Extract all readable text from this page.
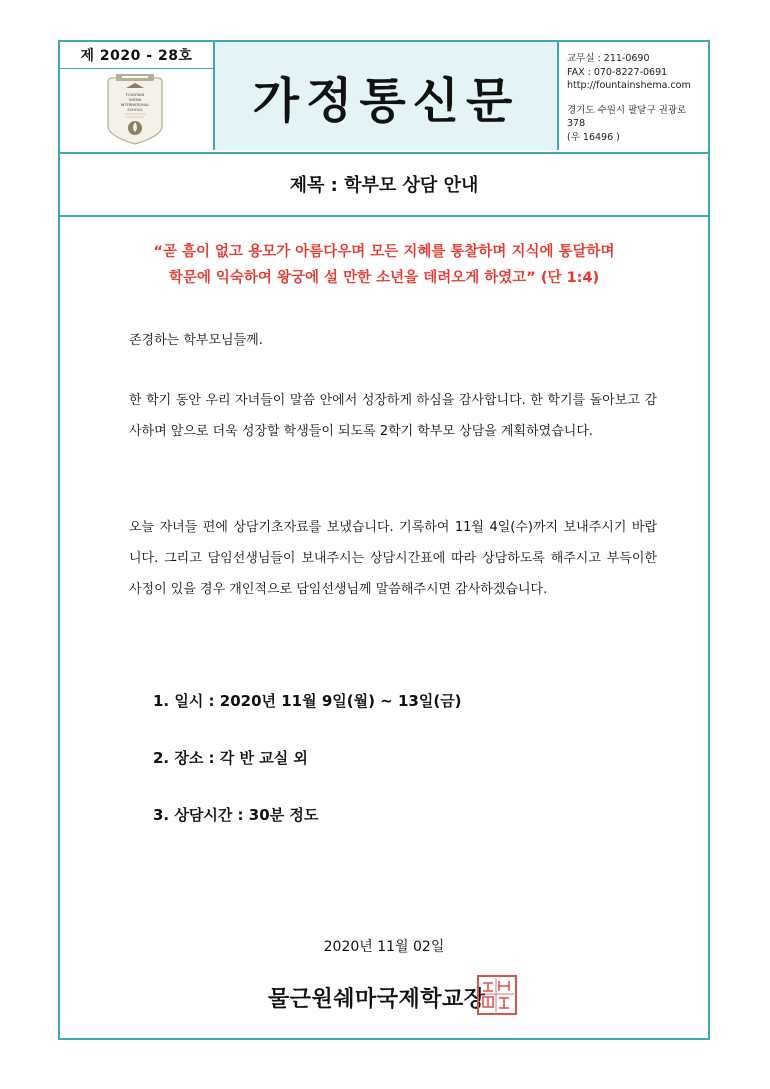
제 2020 - 28호
FOUNTAIN
SHEMA
INTERNATIONAL
SCHOOL 가정통신문
교무실 : 211-0690
FAX : 070-8227-0691
http://fountainshema.com
경기도 수원시 팔달구 권광로 378
(우 16496 )
제목 : 학부모 상담 안내
“곧 흠이 없고 용모가 아름다우며 모든 지혜를 통찰하며 지식에 통달하며
학문에 익숙하여 왕궁에 설 만한 소년을 데려오게 하였고” (단 1:4)
존경하는 학부모님들께.
한 학기 동안 우리 자녀들이 말씀 안에서 성장하게 하심을 감사합니다. 한 학기를 돌아보고 감사하며 앞으로 더욱 성장할 학생들이 되도록 2학기 학부모 상담을 계획하였습니다.
오늘 자녀들 편에 상담기초자료를 보냈습니다. 기록하여 11월 4일(수)까지 보내주시기 바랍니다. 그리고 담임선생님들이 보내주시는 상담시간표에 따라 상담하도록 해주시고 부득이한 사정이 있을 경우 개인적으로 담임선생님께 말씀해주시면 감사하겠습니다.
1. 일시 : 2020년 11월 9일(월) ~ 13일(금)
2. 장소 : 각 반 교실 외
3. 상담시간 : 30분 정도
2020년 11월 02일
물근원쉐마국제학교장
